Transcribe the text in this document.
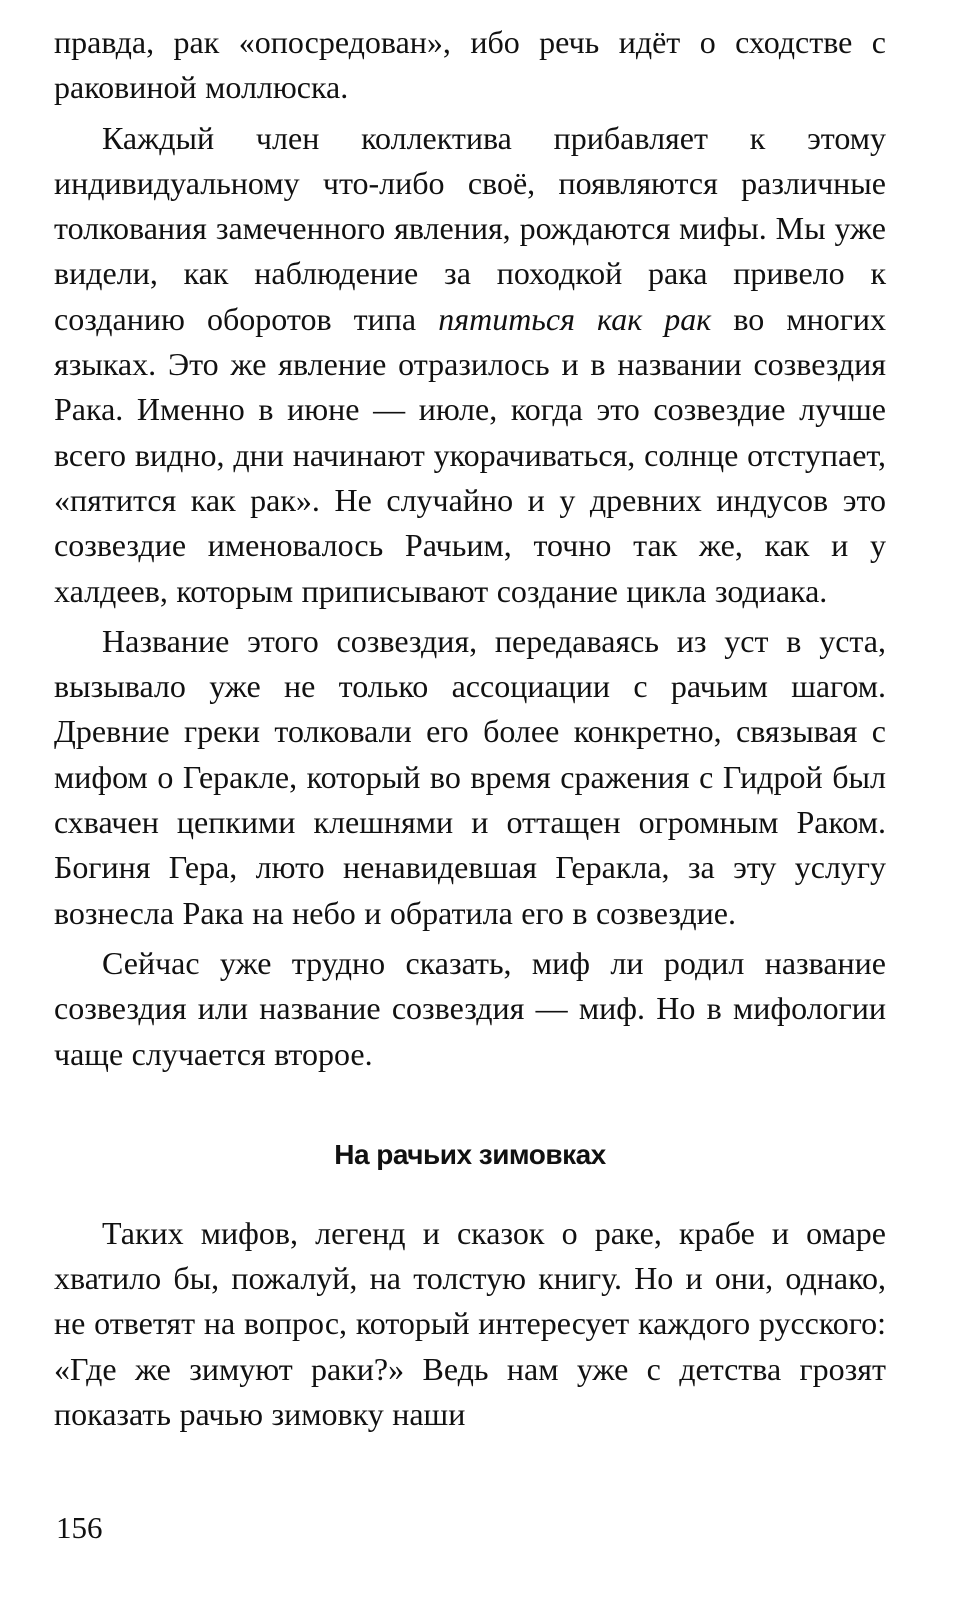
правда, рак «опосредован», ибо речь идёт о сходстве с раковиной моллюска.

Каждый член коллектива прибавляет к этому индивидуальному что-либо своё, появляются различные толкования замеченного явления, рождаются мифы. Мы уже видели, как наблюдение за походкой рака привело к созданию оборотов типа пятиться как рак во многих языках. Это же явление отразилось и в названии созвездия Рака. Именно в июне — июле, когда это созвездие лучше всего видно, дни начинают укорачиваться, солнце отступает, «пятится как рак». Не случайно и у древних индусов это созвездие именовалось Рачьим, точно так же, как и у халдеев, которым приписывают создание цикла зодиака.

Название этого созвездия, передаваясь из уст в уста, вызывало уже не только ассоциации с рачьим шагом. Древние греки толковали его более конкретно, связывая с мифом о Геракле, который во время сражения с Гидрой был схвачен цепкими клешнями и оттащен огромным Раком. Богиня Гера, люто ненавидевшая Геракла, за эту услугу вознесла Рака на небо и обратила его в созвездие.

Сейчас уже трудно сказать, миф ли родил название созвездия или название созвездия — миф. Но в мифологии чаще случается второе.

На рачьих зимовках

Таких мифов, легенд и сказок о раке, крабе и омаре хватило бы, пожалуй, на толстую книгу. Но и они, однако, не ответят на вопрос, который интересует каждого русского: «Где же зимуют раки?» Ведь нам уже с детства грозят показать рачью зимовку наши

156
